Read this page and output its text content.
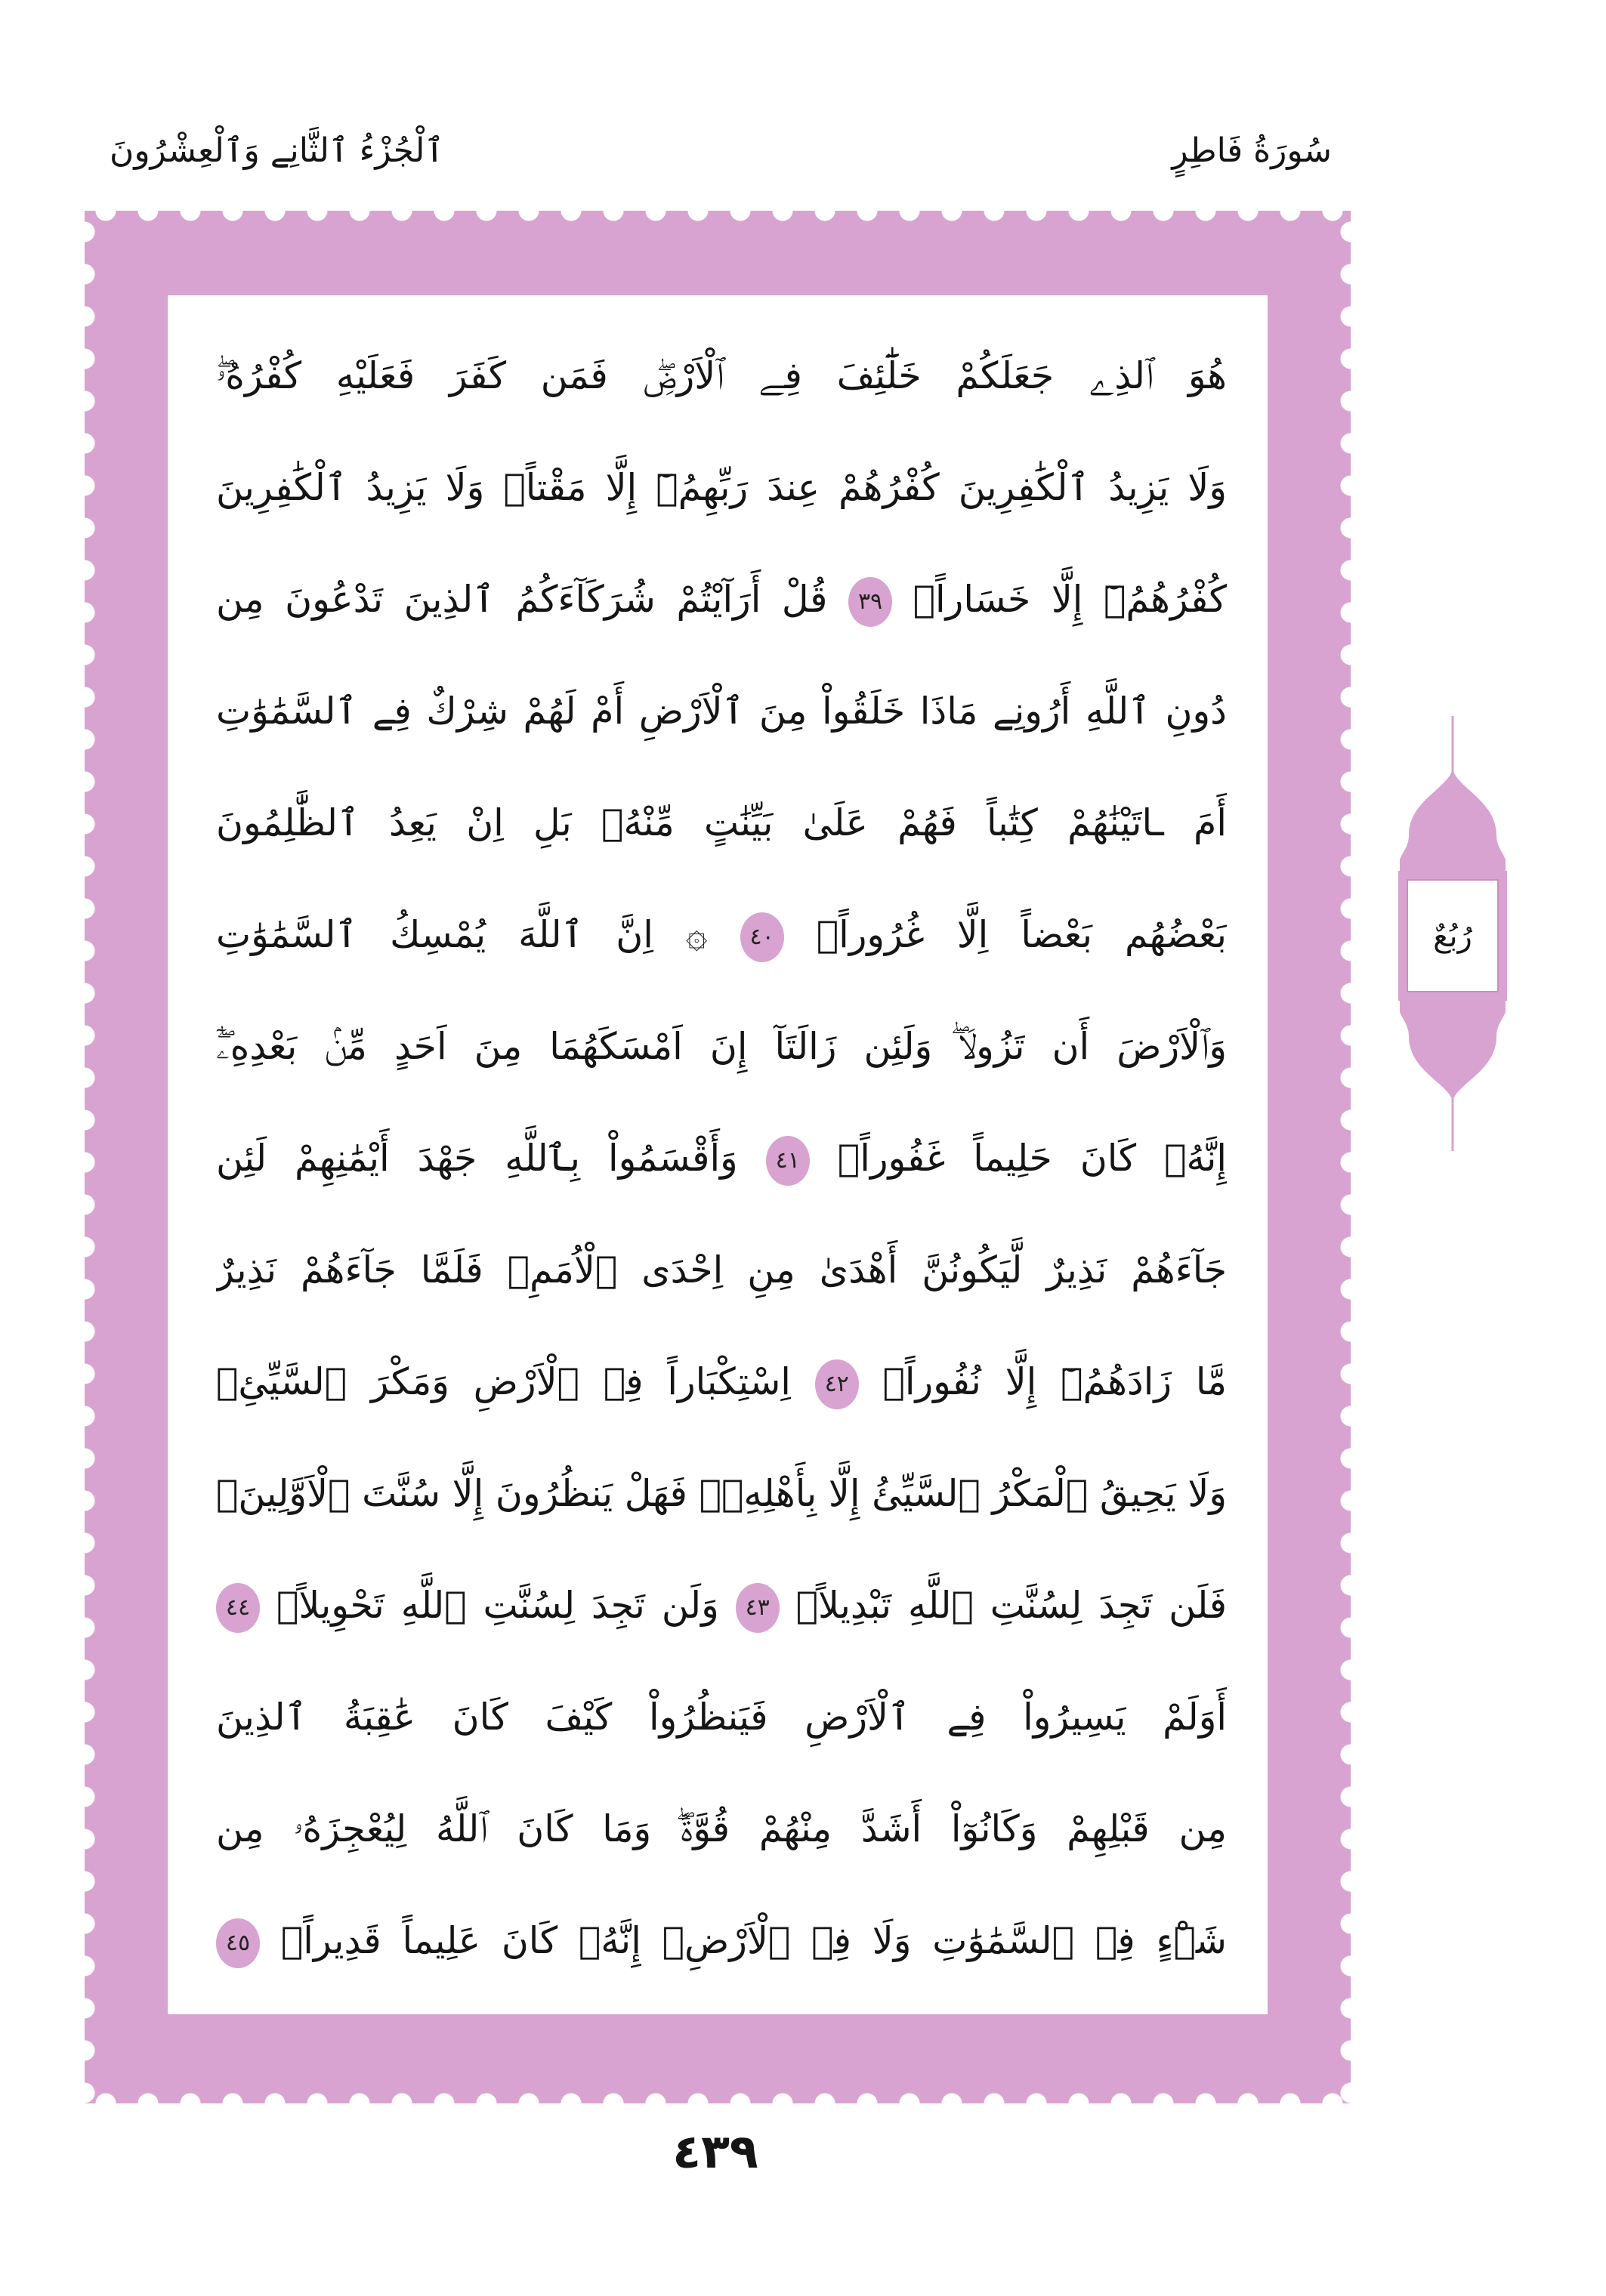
ٱلْجُزْءُ ٱلثَّانِے وَٱلْعِشْرُونَ	سُورَةُ فَاطِرٍ
هُوَ ٱلذِے جَعَلَكُمْ خَلَٰٓئِفَ فِے ٱلْاَرْضِۖ فَمَن كَفَرَ فَعَلَيْهِ كُفْرُهُۥۖ
وَلَا يَزِيدُ ٱلْكَٰفِرِينَ كُفْرُهُمْ عِندَ رَبِّهِمُۥٓ إِلَّا مَقْتاًۖ وَلَا يَزِيدُ ٱلْكَٰفِرِينَ
كُفْرُهُمُۥٓ إِلَّا خَسَاراًۖ ٣٩ قُلْ أَرَآيْتُمْ شُرَكَآءَكُمُ ٱلذِينَ تَدْعُونَ مِن
دُونِ ٱللَّهِ أَرُونِے مَاذَا خَلَقُواْ مِنَ ٱلْاَرْضِ أَمْ لَهُمْ شِرْكٌ فِے ٱلسَّمَٰوَٰتِ
أَمَ ـاتَيْنَٰهُمْ كِتَٰباً فَهُمْ عَلَىٰ بَيِّنَٰتٍ مِّنْهُۖ بَلِ اِنْ يَعِدُ ٱلظَّٰلِمُونَ
بَعْضُهُم بَعْضاً اِلَّا غُرُوراًۖ ٤٠ ۞ اِنَّ ٱللَّهَ يُمْسِكُ ٱلسَّمَٰوَٰتِ
وَٱلْاَرْضَ أَن تَزُولَاۖ وَلَئِن زَالَتَآ إِنَ اَمْسَكَهُمَا مِنَ اَحَدٍ مِّنۢ بَعْدِهِۦٓۖ
إِنَّهُۥ كَانَ حَلِيماً غَفُوراًۖ ٤١ وَأَقْسَمُواْ بِٱللَّهِ جَهْدَ أَيْمَٰنِهِمْ لَئِن
جَآءَهُمْ نَذِيرٌ لَّيَكُونُنَّ أَهْدَىٰ مِنِ اِحْدَى ٱلْاُمَمِۖ فَلَمَّا جَآءَهُمْ نَذِيرٌ
مَّا زَادَهُمُۥٓ إِلَّا نُفُوراًۖ ٤٢ اِسْتِكْبَاراً فِے ٱلْاَرْضِ وَمَكْرَ ٱلسَّيِّئِۖ
وَلَا يَحِيقُ ٱلْمَكْرُ ٱلسَّيِّئُ إِلَّا بِأَهْلِهِۦۖ فَهَلْ يَنظُرُونَ إِلَّا سُنَّتَ ٱلْاَوَّلِينَۖ
فَلَن تَجِدَ لِسُنَّتِ ٱللَّهِ تَبْدِيلاًۖ ٤٣ وَلَن تَجِدَ لِسُنَّتِ ٱللَّهِ تَحْوِيلاًۖ ٤٤
أَوَلَمْ يَسِيرُواْ فِے ٱلْاَرْضِ فَيَنظُرُواْ كَيْفَ كَانَ عَٰقِبَةُ ٱلذِينَ
مِن قَبْلِهِمْ وَكَانُوٓاْ أَشَدَّ مِنْهُمْ قُوَّةًۖ وَمَا كَانَ ٱللَّهُ لِيُعْجِزَهُۥ مِن
شَےْءٍ فِے ٱلسَّمَٰوَٰتِ وَلَا فِے ٱلْاَرْضِۖ إِنَّهُۥ كَانَ عَلِيماً قَدِيراًۖ ٤٥
رُبُعٌ
٤٣٩
